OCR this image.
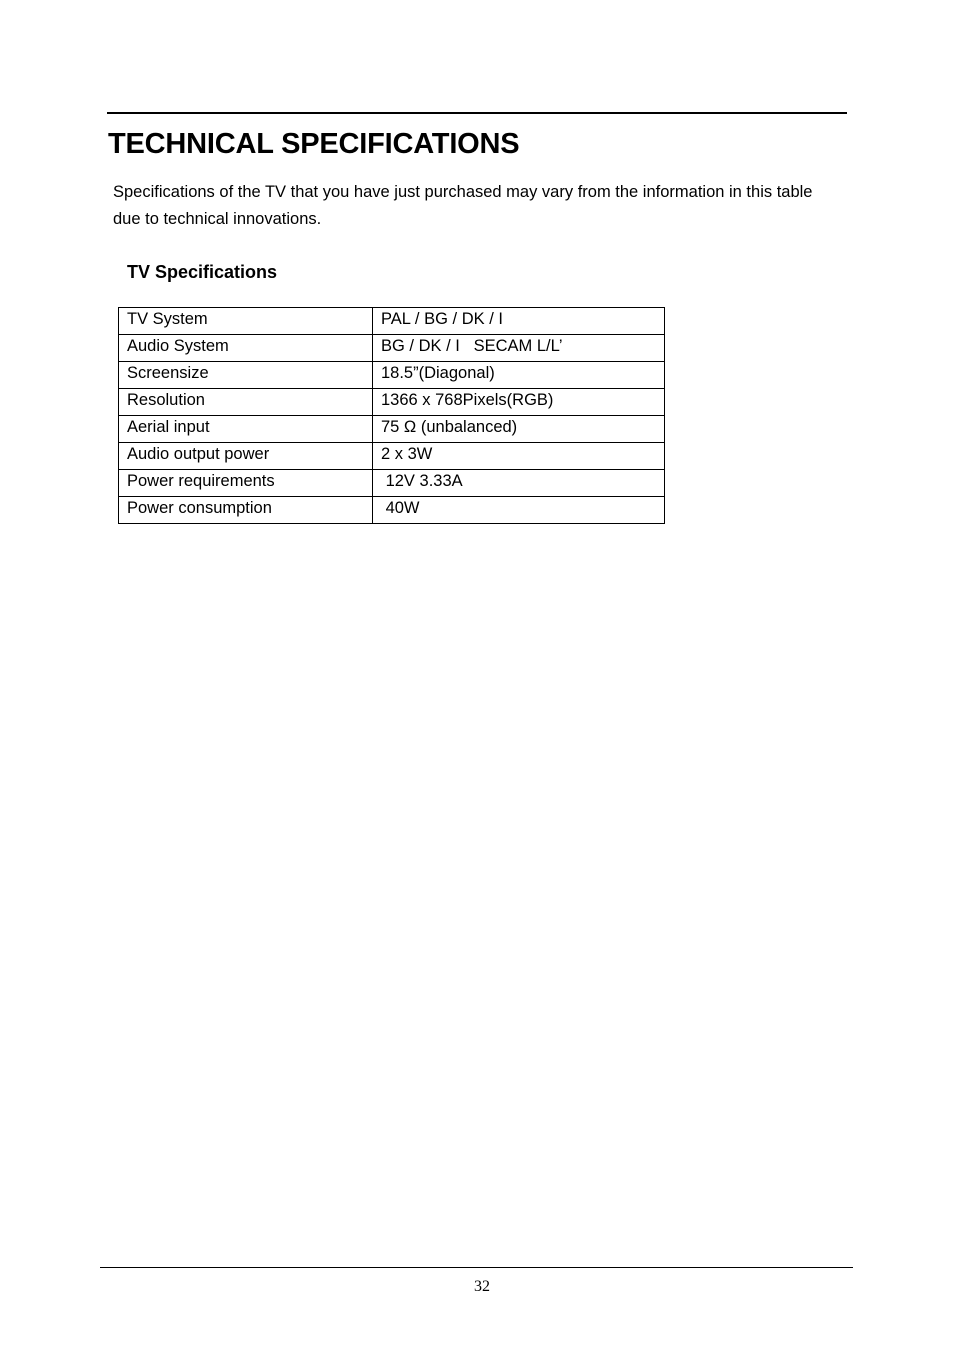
TECHNICAL SPECIFICATIONS

Specifications of the TV that you have just purchased may vary from the information in this table due to technical innovations.

TV Specifications
TV System	PAL / BG / DK / I
Audio System	BG / DK / I   SECAM L/L’
Screensize	18.5”(Diagonal)
Resolution	1366 x 768Pixels(RGB)
Aerial input	75 Ω (unbalanced)
Audio output power	2 x 3W
Power requirements	12V 3.33A
Power consumption	40W
32
